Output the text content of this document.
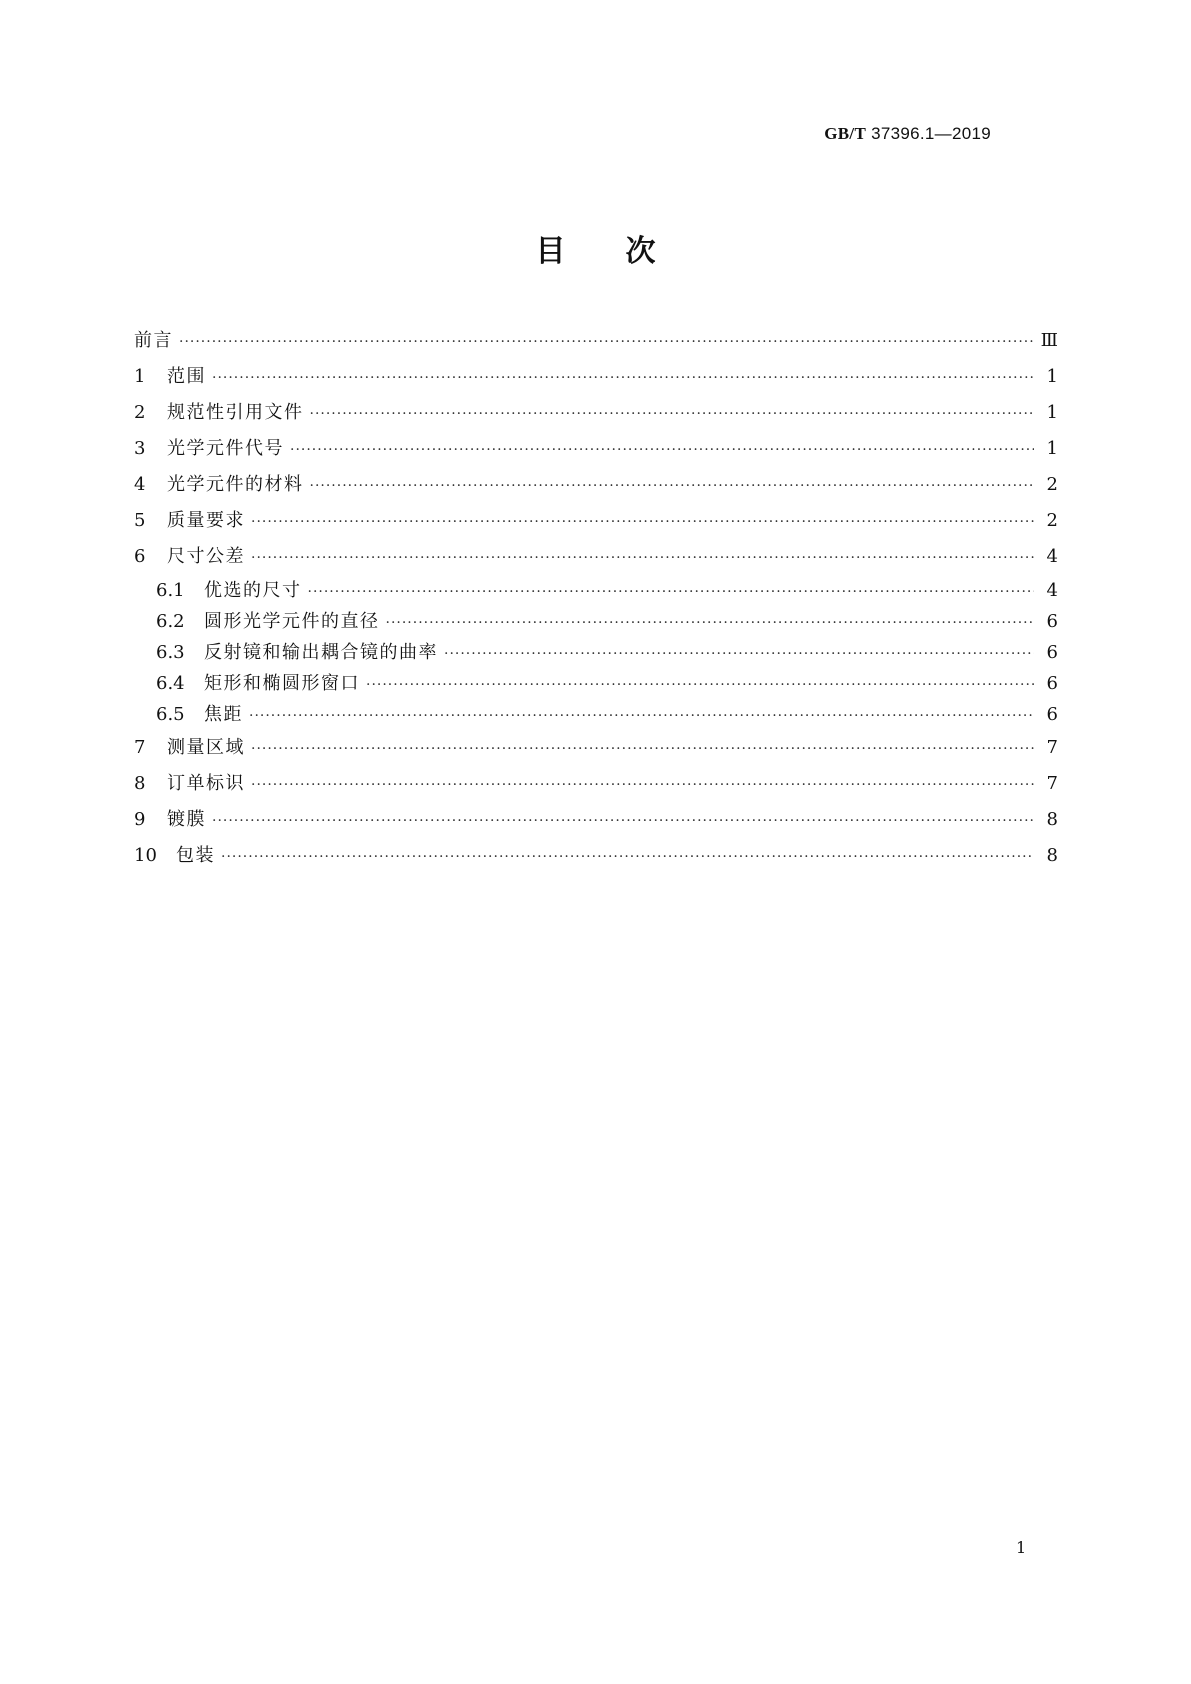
GB/T 37396.1—2019
目次
前言 ·····	Ⅲ
1	范围 ·····	1
2	规范性引用文件 ·····	1
3	光学元件代号 ·····	1
4	光学元件的材料 ·····	2
5	质量要求 ·····	2
6	尺寸公差 ·····	4
6.1	优选的尺寸 ·····	4
6.2	圆形光学元件的直径 ·····	6
6.3	反射镜和输出耦合镜的曲率 ·····	6
6.4	矩形和椭圆形窗口 ·····	6
6.5	焦距 ·····	6
7	测量区域 ·····	7
8	订单标识 ·····	7
9	镀膜 ·····	8
10	包装 ·····	8
1
